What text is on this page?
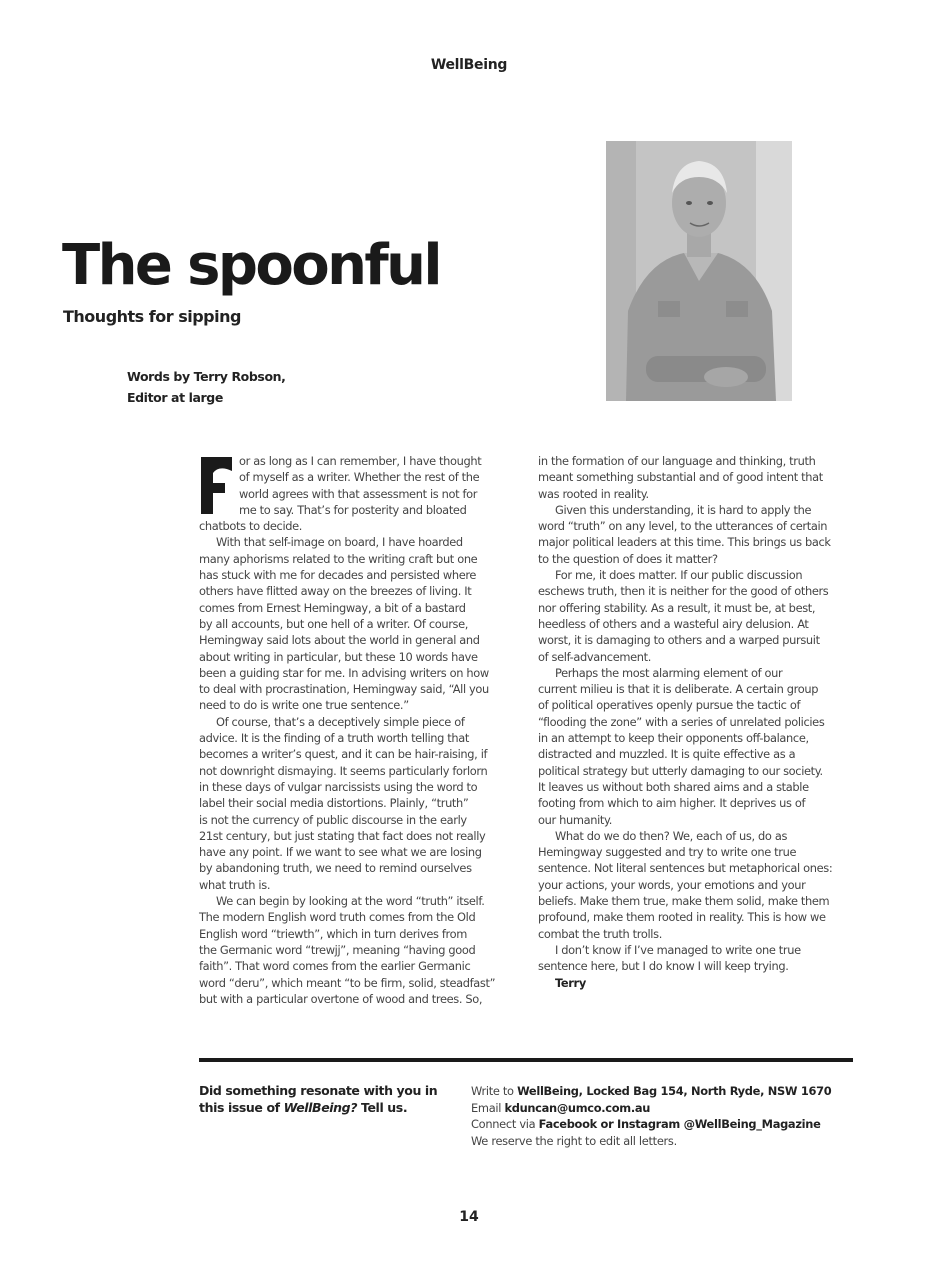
WellBeing
The spoonful
Thoughts for sipping
Words by Terry Robson,
Editor at large
or as long as I can remember, I have thought
of myself as a writer. Whether the rest of the
world agrees with that assessment is not for
me to say. That’s for posterity and bloated
chatbots to decide.
With that self-image on board, I have hoarded
many aphorisms related to the writing craft but one
has stuck with me for decades and persisted where
others have flitted away on the breezes of living. It
comes from Ernest Hemingway, a bit of a bastard
by all accounts, but one hell of a writer. Of course,
Hemingway said lots about the world in general and
about writing in particular, but these 10 words have
been a guiding star for me. In advising writers on how
to deal with procrastination, Hemingway said, “All you
need to do is write one true sentence.”
Of course, that’s a deceptively simple piece of
advice. It is the finding of a truth worth telling that
becomes a writer’s quest, and it can be hair-raising, if
not downright dismaying. It seems particularly forlorn
in these days of vulgar narcissists using the word to
label their social media distortions. Plainly, “truth”
is not the currency of public discourse in the early
21st century, but just stating that fact does not really
have any point. If we want to see what we are losing
by abandoning truth, we need to remind ourselves
what truth is.
We can begin by looking at the word “truth” itself.
The modern English word truth comes from the Old
English word “triewth”, which in turn derives from
the Germanic word “trewjj”, meaning “having good
faith”. That word comes from the earlier Germanic
word “deru”, which meant “to be firm, solid, steadfast”
but with a particular overtone of wood and trees. So,
in the formation of our language and thinking, truth
meant something substantial and of good intent that
was rooted in reality.
Given this understanding, it is hard to apply the
word “truth” on any level, to the utterances of certain
major political leaders at this time. This brings us back
to the question of does it matter?
For me, it does matter. If our public discussion
eschews truth, then it is neither for the good of others
nor offering stability. As a result, it must be, at best,
heedless of others and a wasteful airy delusion. At
worst, it is damaging to others and a warped pursuit
of self-advancement.
Perhaps the most alarming element of our
current milieu is that it is deliberate. A certain group
of political operatives openly pursue the tactic of
“flooding the zone” with a series of unrelated policies
in an attempt to keep their opponents off-balance,
distracted and muzzled. It is quite effective as a
political strategy but utterly damaging to our society.
It leaves us without both shared aims and a stable
footing from which to aim higher. It deprives us of
our humanity.
What do we do then? We, each of us, do as
Hemingway suggested and try to write one true
sentence. Not literal sentences but metaphorical ones:
your actions, your words, your emotions and your
beliefs. Make them true, make them solid, make them
profound, make them rooted in reality. This is how we
combat the truth trolls.
I don’t know if I’ve managed to write one true
sentence here, but I do know I will keep trying.
Terry
Did something resonate with you in
this issue of WellBeing? Tell us.
Write to WellBeing, Locked Bag 154, North Ryde, NSW 1670
Email kduncan@umco.com.au
Connect via Facebook or Instagram @WellBeing_Magazine
We reserve the right to edit all letters.
14
